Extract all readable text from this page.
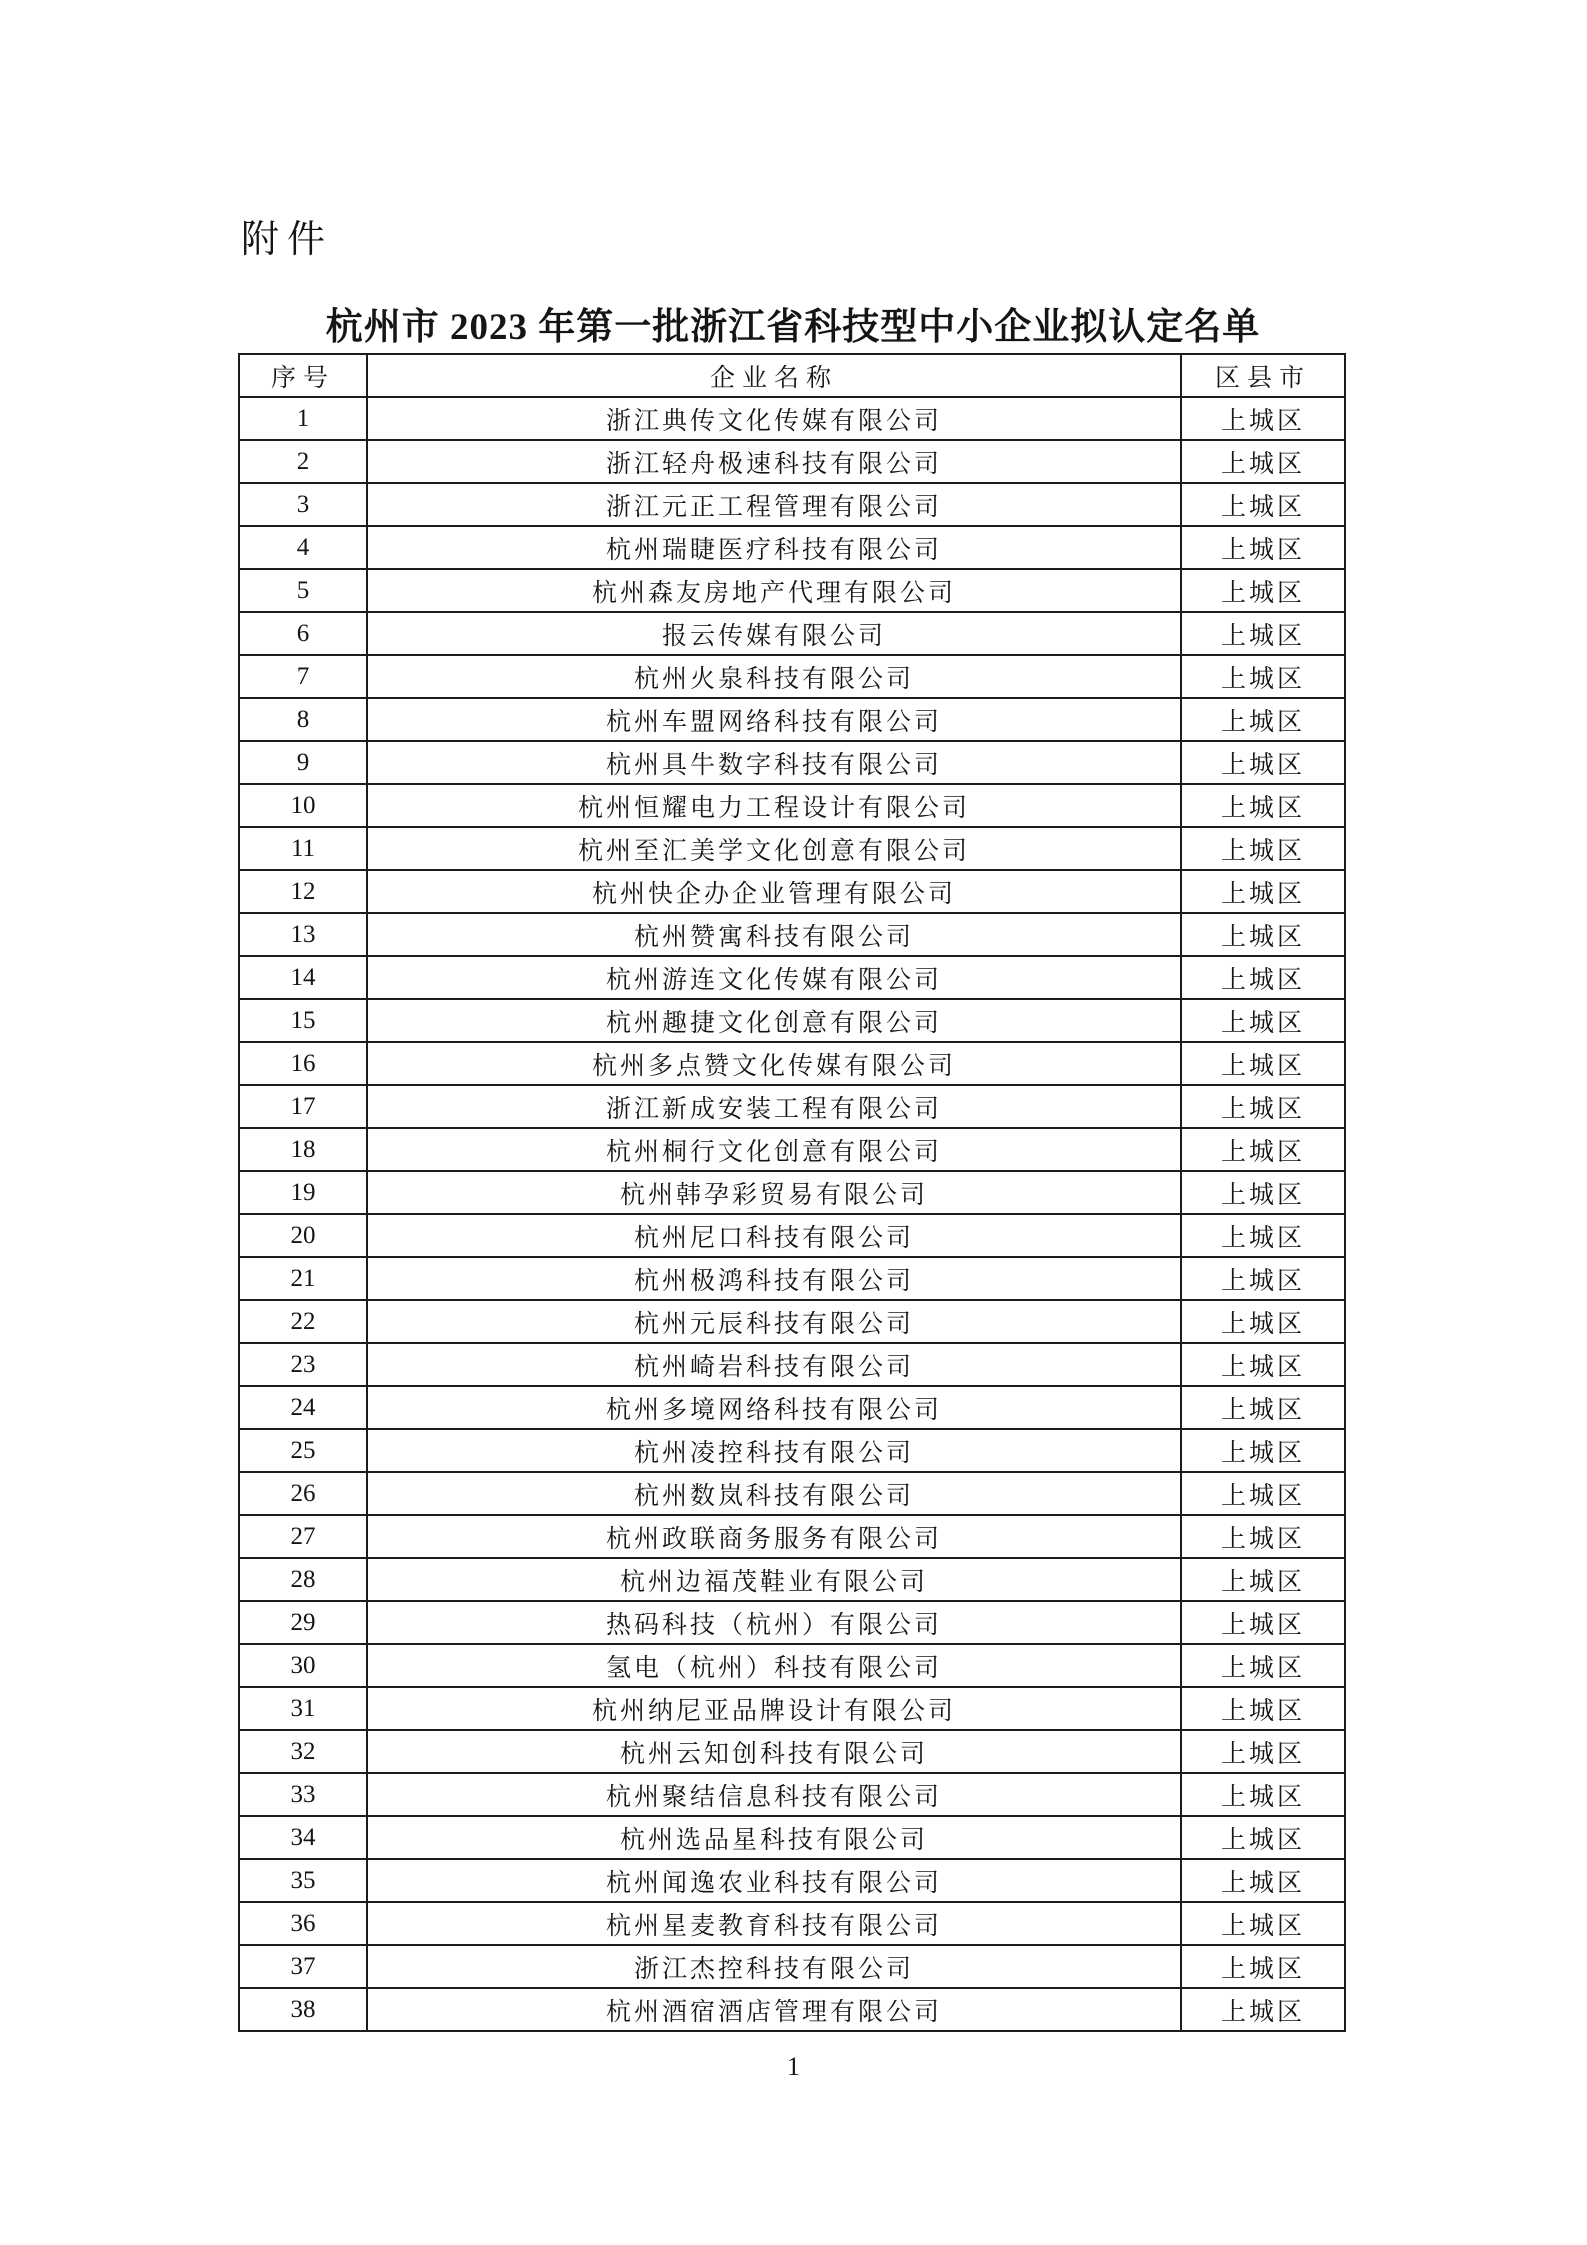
附件
杭州市 2023 年第一批浙江省科技型中小企业拟认定名单
序号	企业名称	区县市
1	浙江典传文化传媒有限公司	上城区
2	浙江轻舟极速科技有限公司	上城区
3	浙江元正工程管理有限公司	上城区
4	杭州瑞睫医疗科技有限公司	上城区
5	杭州森友房地产代理有限公司	上城区
6	报云传媒有限公司	上城区
7	杭州火泉科技有限公司	上城区
8	杭州车盟网络科技有限公司	上城区
9	杭州具牛数字科技有限公司	上城区
10	杭州恒耀电力工程设计有限公司	上城区
11	杭州至汇美学文化创意有限公司	上城区
12	杭州快企办企业管理有限公司	上城区
13	杭州赞寓科技有限公司	上城区
14	杭州游连文化传媒有限公司	上城区
15	杭州趣捷文化创意有限公司	上城区
16	杭州多点赞文化传媒有限公司	上城区
17	浙江新成安装工程有限公司	上城区
18	杭州桐行文化创意有限公司	上城区
19	杭州韩孕彩贸易有限公司	上城区
20	杭州尼口科技有限公司	上城区
21	杭州极鸿科技有限公司	上城区
22	杭州元辰科技有限公司	上城区
23	杭州崎岩科技有限公司	上城区
24	杭州多境网络科技有限公司	上城区
25	杭州凌控科技有限公司	上城区
26	杭州数岚科技有限公司	上城区
27	杭州政联商务服务有限公司	上城区
28	杭州边福茂鞋业有限公司	上城区
29	热码科技（杭州）有限公司	上城区
30	氢电（杭州）科技有限公司	上城区
31	杭州纳尼亚品牌设计有限公司	上城区
32	杭州云知创科技有限公司	上城区
33	杭州聚结信息科技有限公司	上城区
34	杭州选品星科技有限公司	上城区
35	杭州闻逸农业科技有限公司	上城区
36	杭州星麦教育科技有限公司	上城区
37	浙江杰控科技有限公司	上城区
38	杭州酒宿酒店管理有限公司	上城区
1
